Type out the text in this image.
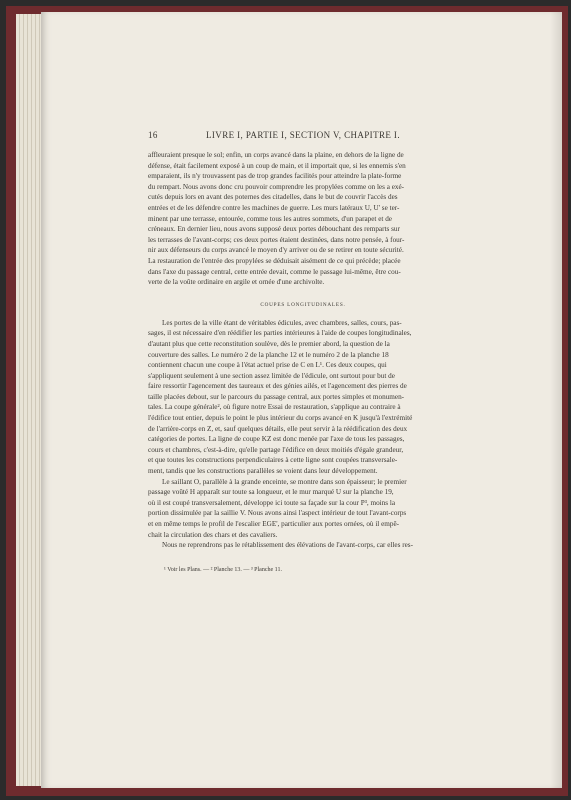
16	LIVRE I, PARTIE I, SECTION V, CHAPITRE I.

affleuraient presque le sol; enfin, un corps avancé dans la plaine, en dehors de la ligne de

défense, était facilement exposé à un coup de main, et il importait que, si les ennemis s'en

emparaient, ils n'y trouvassent pas de trop grandes facilités pour atteindre la plate-forme

du rempart. Nous avons donc cru pouvoir comprendre les propylées comme on les a exé-

cutés depuis lors en avant des poternes des citadelles, dans le but de couvrir l'accès des

entrées et de les défendre contre les machines de guerre. Les murs latéraux U, U' se ter-

minent par une terrasse, entourée, comme tous les autres sommets, d'un parapet et de

créneaux. En dernier lieu, nous avons supposé deux portes débouchant des remparts sur

les terrasses de l'avant-corps; ces deux portes étaient destinées, dans notre pensée, à four-

nir aux défenseurs du corps avancé le moyen d'y arriver ou de se retirer en toute sécurité.

La restauration de l'entrée des propylées se déduisait aisément de ce qui précède; placée

dans l'axe du passage central, cette entrée devait, comme le passage lui-même, être cou-

verte de la voûte ordinaire en argile et ornée d'une archivolte.

COUPES LONGITUDINALES.

Les portes de la ville étant de véritables édicules, avec chambres, salles, cours, pas-

sages, il est nécessaire d'en réédifier les parties intérieures à l'aide de coupes longitudinales,

d'autant plus que cette reconstitution soulève, dès le premier abord, la question de la

couverture des salles. Le numéro 2 de la planche 12 et le numéro 2 de la planche 18

contiennent chacun une coupe à l'état actuel prise de C en L¹. Ces deux coupes, qui

s'appliquent seulement à une section assez limitée de l'édicule, ont surtout pour but de

faire ressortir l'agencement des taureaux et des génies ailés, et l'agencement des pierres de

taille placées debout, sur le parcours du passage central, aux portes simples et monumen-

tales. La coupe générale², où figure notre Essai de restauration, s'applique au contraire à

l'édifice tout entier, depuis le point le plus intérieur du corps avancé en K jusqu'à l'extrémité

de l'arrière-corps en Z, et, sauf quelques détails, elle peut servir à la réédification des deux

catégories de portes. La ligne de coupe KZ est donc menée par l'axe de tous les passages,

cours et chambres, c'est-à-dire, qu'elle partage l'édifice en deux moitiés d'égale grandeur,

et que toutes les constructions perpendiculaires à cette ligne sont coupées transversale-

ment, tandis que les constructions parallèles se voient dans leur développement.

Le saillant O, parallèle à la grande enceinte, se montre dans son épaisseur; le premier

passage voûté H apparaît sur toute sa longueur, et le mur marqué U sur la planche 19,

où il est coupé transversalement, développe ici toute sa façade sur la cour P³, moins la

portion dissimulée par la saillie V. Nous avons ainsi l'aspect intérieur de tout l'avant-corps

et en même temps le profil de l'escalier EGE', particulier aux portes ornées, où il empê-

chait la circulation des chars et des cavaliers.

Nous ne reprendrons pas le rétablissement des élévations de l'avant-corps, car elles res-

¹ Voir les Plans. — ² Planche 13. — ³ Planche 11.
